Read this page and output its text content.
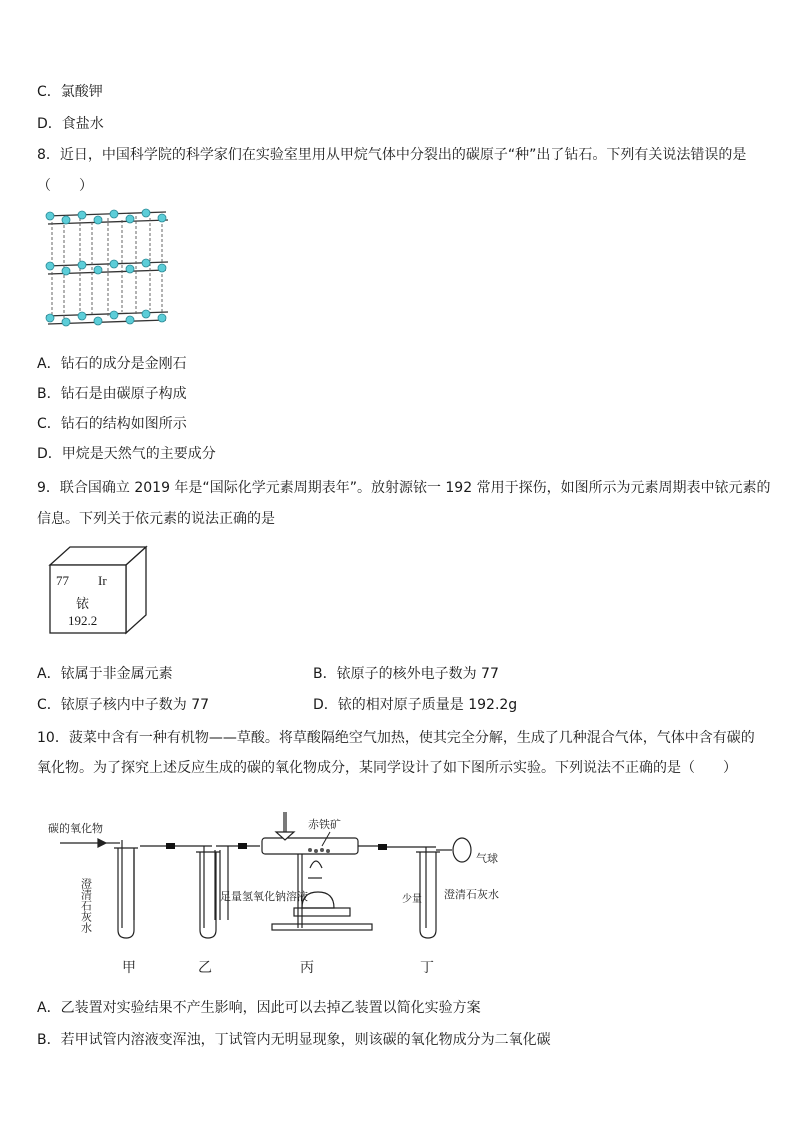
C．氯酸钾
D．食盐水
8．近日，中国科学院的科学家们在实验室里用从甲烷气体中分裂出的碳原子“种”出了钻石。下列有关说法错误的是
（　　）
A．钻石的成分是金刚石
B．钻石是由碳原子构成
C．钻石的结构如图所示
D．甲烷是天然气的主要成分
9．联合国确立 2019 年是“国际化学元素周期表年”。放射源铱一 192 常用于探伤，如图所示为元素周期表中铱元素的
信息。下列关于依元素的说法正确的是
77 Ir
铱
192.2
A．铱属于非金属元素	B．铱原子的核外电子数为 77
C．铱原子核内中子数为 77	D．铱的相对原子质量是 192.2g
10．菠菜中含有一种有机物——草酸。将草酸隔绝空气加热，使其完全分解，生成了几种混合气体，气体中含有碳的
氧化物。为了探究上述反应生成的碳的氧化物成分，某同学设计了如下图所示实验。下列说法不正确的是（　　）
碳的氧化物
澄清石灰水	足量氢氧化钠溶液
赤铁矿
气球
少量 澄清石灰水
甲	乙	丙	丁
A．乙装置对实验结果不产生影响，因此可以去掉乙装置以简化实验方案
B．若甲试管内溶液变浑浊，丁试管内无明显现象，则该碳的氧化物成分为二氧化碳
